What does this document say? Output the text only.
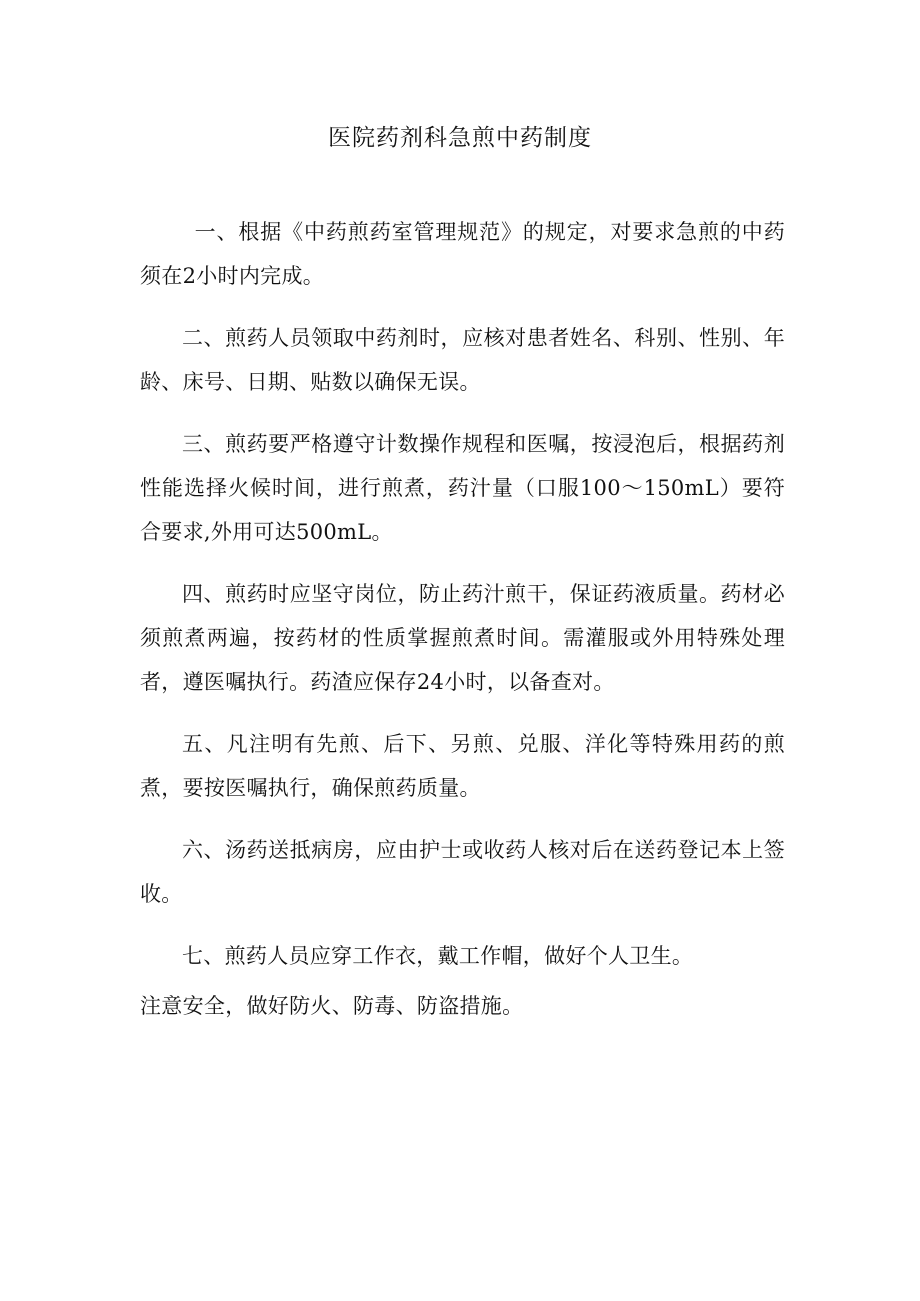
医院药剂科急煎中药制度

一、根据《中药煎药室管理规范》的规定，对要求急煎的中药须在2小时内完成。

二、煎药人员领取中药剂时，应核对患者姓名、科别、性别、年龄、床号、日期、贴数以确保无误。

三、煎药要严格遵守计数操作规程和医嘱，按浸泡后，根据药剂性能选择火候时间，进行煎煮，药汁量（口服100～150mL）要符合要求,外用可达500mL。

四、煎药时应坚守岗位，防止药汁煎干，保证药液质量。药材必须煎煮两遍，按药材的性质掌握煎煮时间。需灌服或外用特殊处理者，遵医嘱执行。药渣应保存24小时，以备查对。

五、凡注明有先煎、后下、另煎、兑服、洋化等特殊用药的煎煮，要按医嘱执行，确保煎药质量。

六、汤药送抵病房，应由护士或收药人核对后在送药登记本上签收。

七、煎药人员应穿工作衣，戴工作帽，做好个人卫生。

注意安全，做好防火、防毒、防盗措施。
